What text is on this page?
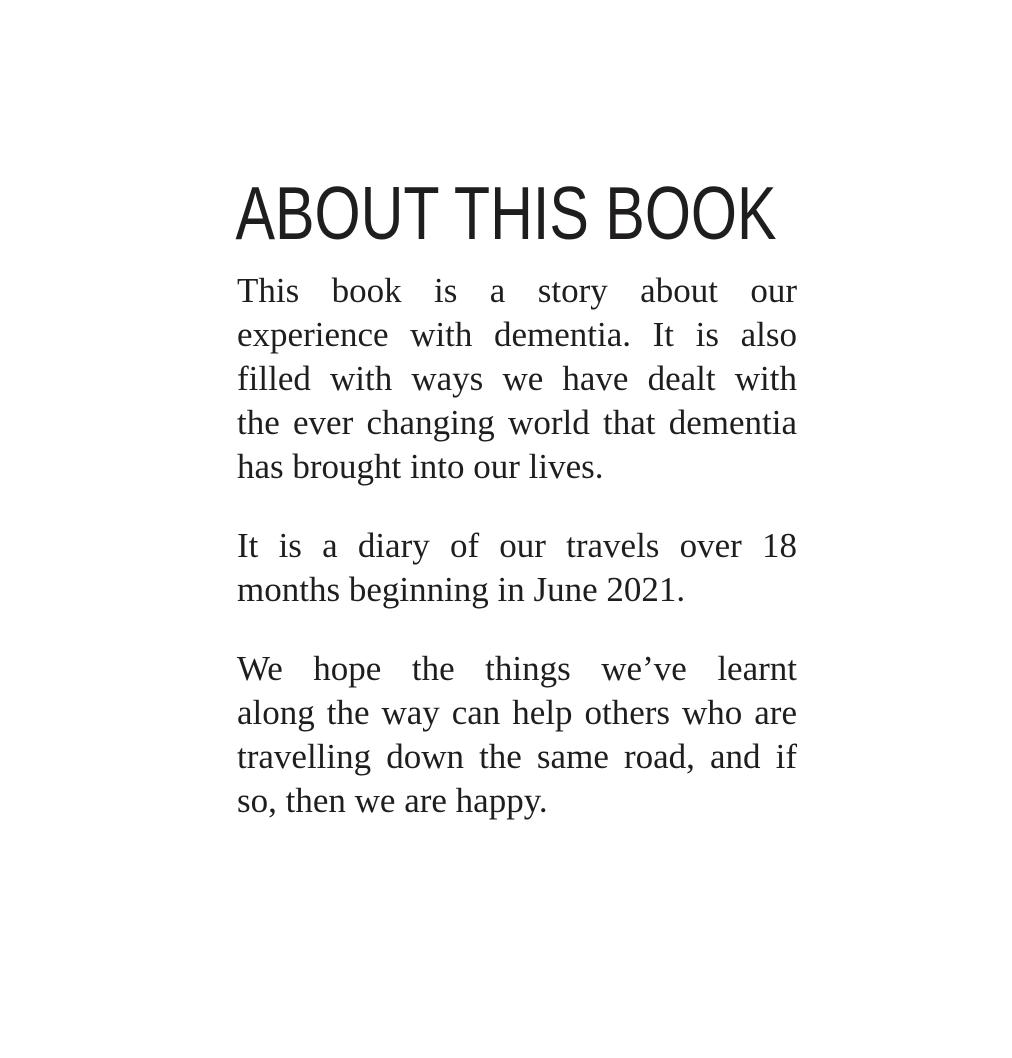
ABOUT THIS BOOK
This book is a story about our
experience with dementia. It is also
filled with ways we have dealt with
the ever changing world that dementia
has brought into our lives.
It is a diary of our travels over 18
months beginning in June 2021.
We hope the things we’ve learnt
along the way can help others who are
travelling down the same road, and if
so, then we are happy.
